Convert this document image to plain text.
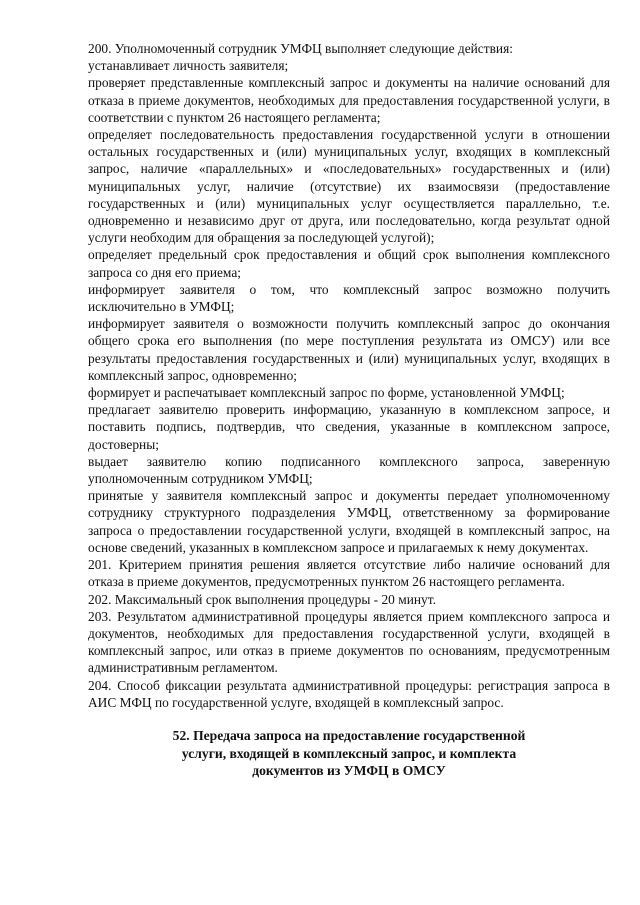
200. Уполномоченный сотрудник УМФЦ выполняет следующие действия:

устанавливает личность заявителя;

проверяет представленные комплексный запрос и документы на наличие оснований для отказа в приеме документов, необходимых для предоставления государственной услуги, в соответствии с пунктом 26 настоящего регламента;

определяет последовательность предоставления государственной услуги в отношении остальных государственных и (или) муниципальных услуг, входящих в комплексный запрос, наличие «параллельных» и «последовательных» государственных и (или) муниципальных услуг, наличие (отсутствие) их взаимосвязи (предоставление государственных и (или) муниципальных услуг осуществляется параллельно, т.е. одновременно и независимо друг от друга, или последовательно, когда результат одной услуги необходим для обращения за последующей услугой);

определяет предельный срок предоставления и общий срок выполнения комплексного запроса со дня его приема;

информирует заявителя о том, что комплексный запрос возможно получить исключительно в УМФЦ;

информирует заявителя о возможности получить комплексный запрос до окончания общего срока его выполнения (по мере поступления результата из ОМСУ) или все результаты предоставления государственных и (или) муниципальных услуг, входящих в комплексный запрос, одновременно;

формирует и распечатывает комплексный запрос по форме, установленной УМФЦ;

предлагает заявителю проверить информацию, указанную в комплексном запросе, и поставить подпись, подтвердив, что сведения, указанные в комплексном запросе, достоверны;

выдает заявителю копию подписанного комплексного запроса, заверенную уполномоченным сотрудником УМФЦ;

принятые у заявителя комплексный запрос и документы передает уполномоченному сотруднику структурного подразделения УМФЦ, ответственному за формирование запроса о предоставлении государственной услуги, входящей в комплексный запрос, на основе сведений, указанных в комплексном запросе и прилагаемых к нему документах.

201. Критерием принятия решения является отсутствие либо наличие оснований для отказа в приеме документов, предусмотренных пунктом 26 настоящего регламента.

202. Максимальный срок выполнения процедуры - 20 минут.

203. Результатом административной процедуры является прием комплексного запроса и документов, необходимых для предоставления государственной услуги, входящей в комплексный запрос, или отказ в приеме документов по основаниям, предусмотренным административным регламентом.

204. Способ фиксации результата административной процедуры: регистрация запроса в АИС МФЦ по государственной услуге, входящей в комплексный запрос.

52. Передача запроса на предоставление государственной
услуги, входящей в комплексный запрос, и комплекта
документов из УМФЦ в ОМСУ
